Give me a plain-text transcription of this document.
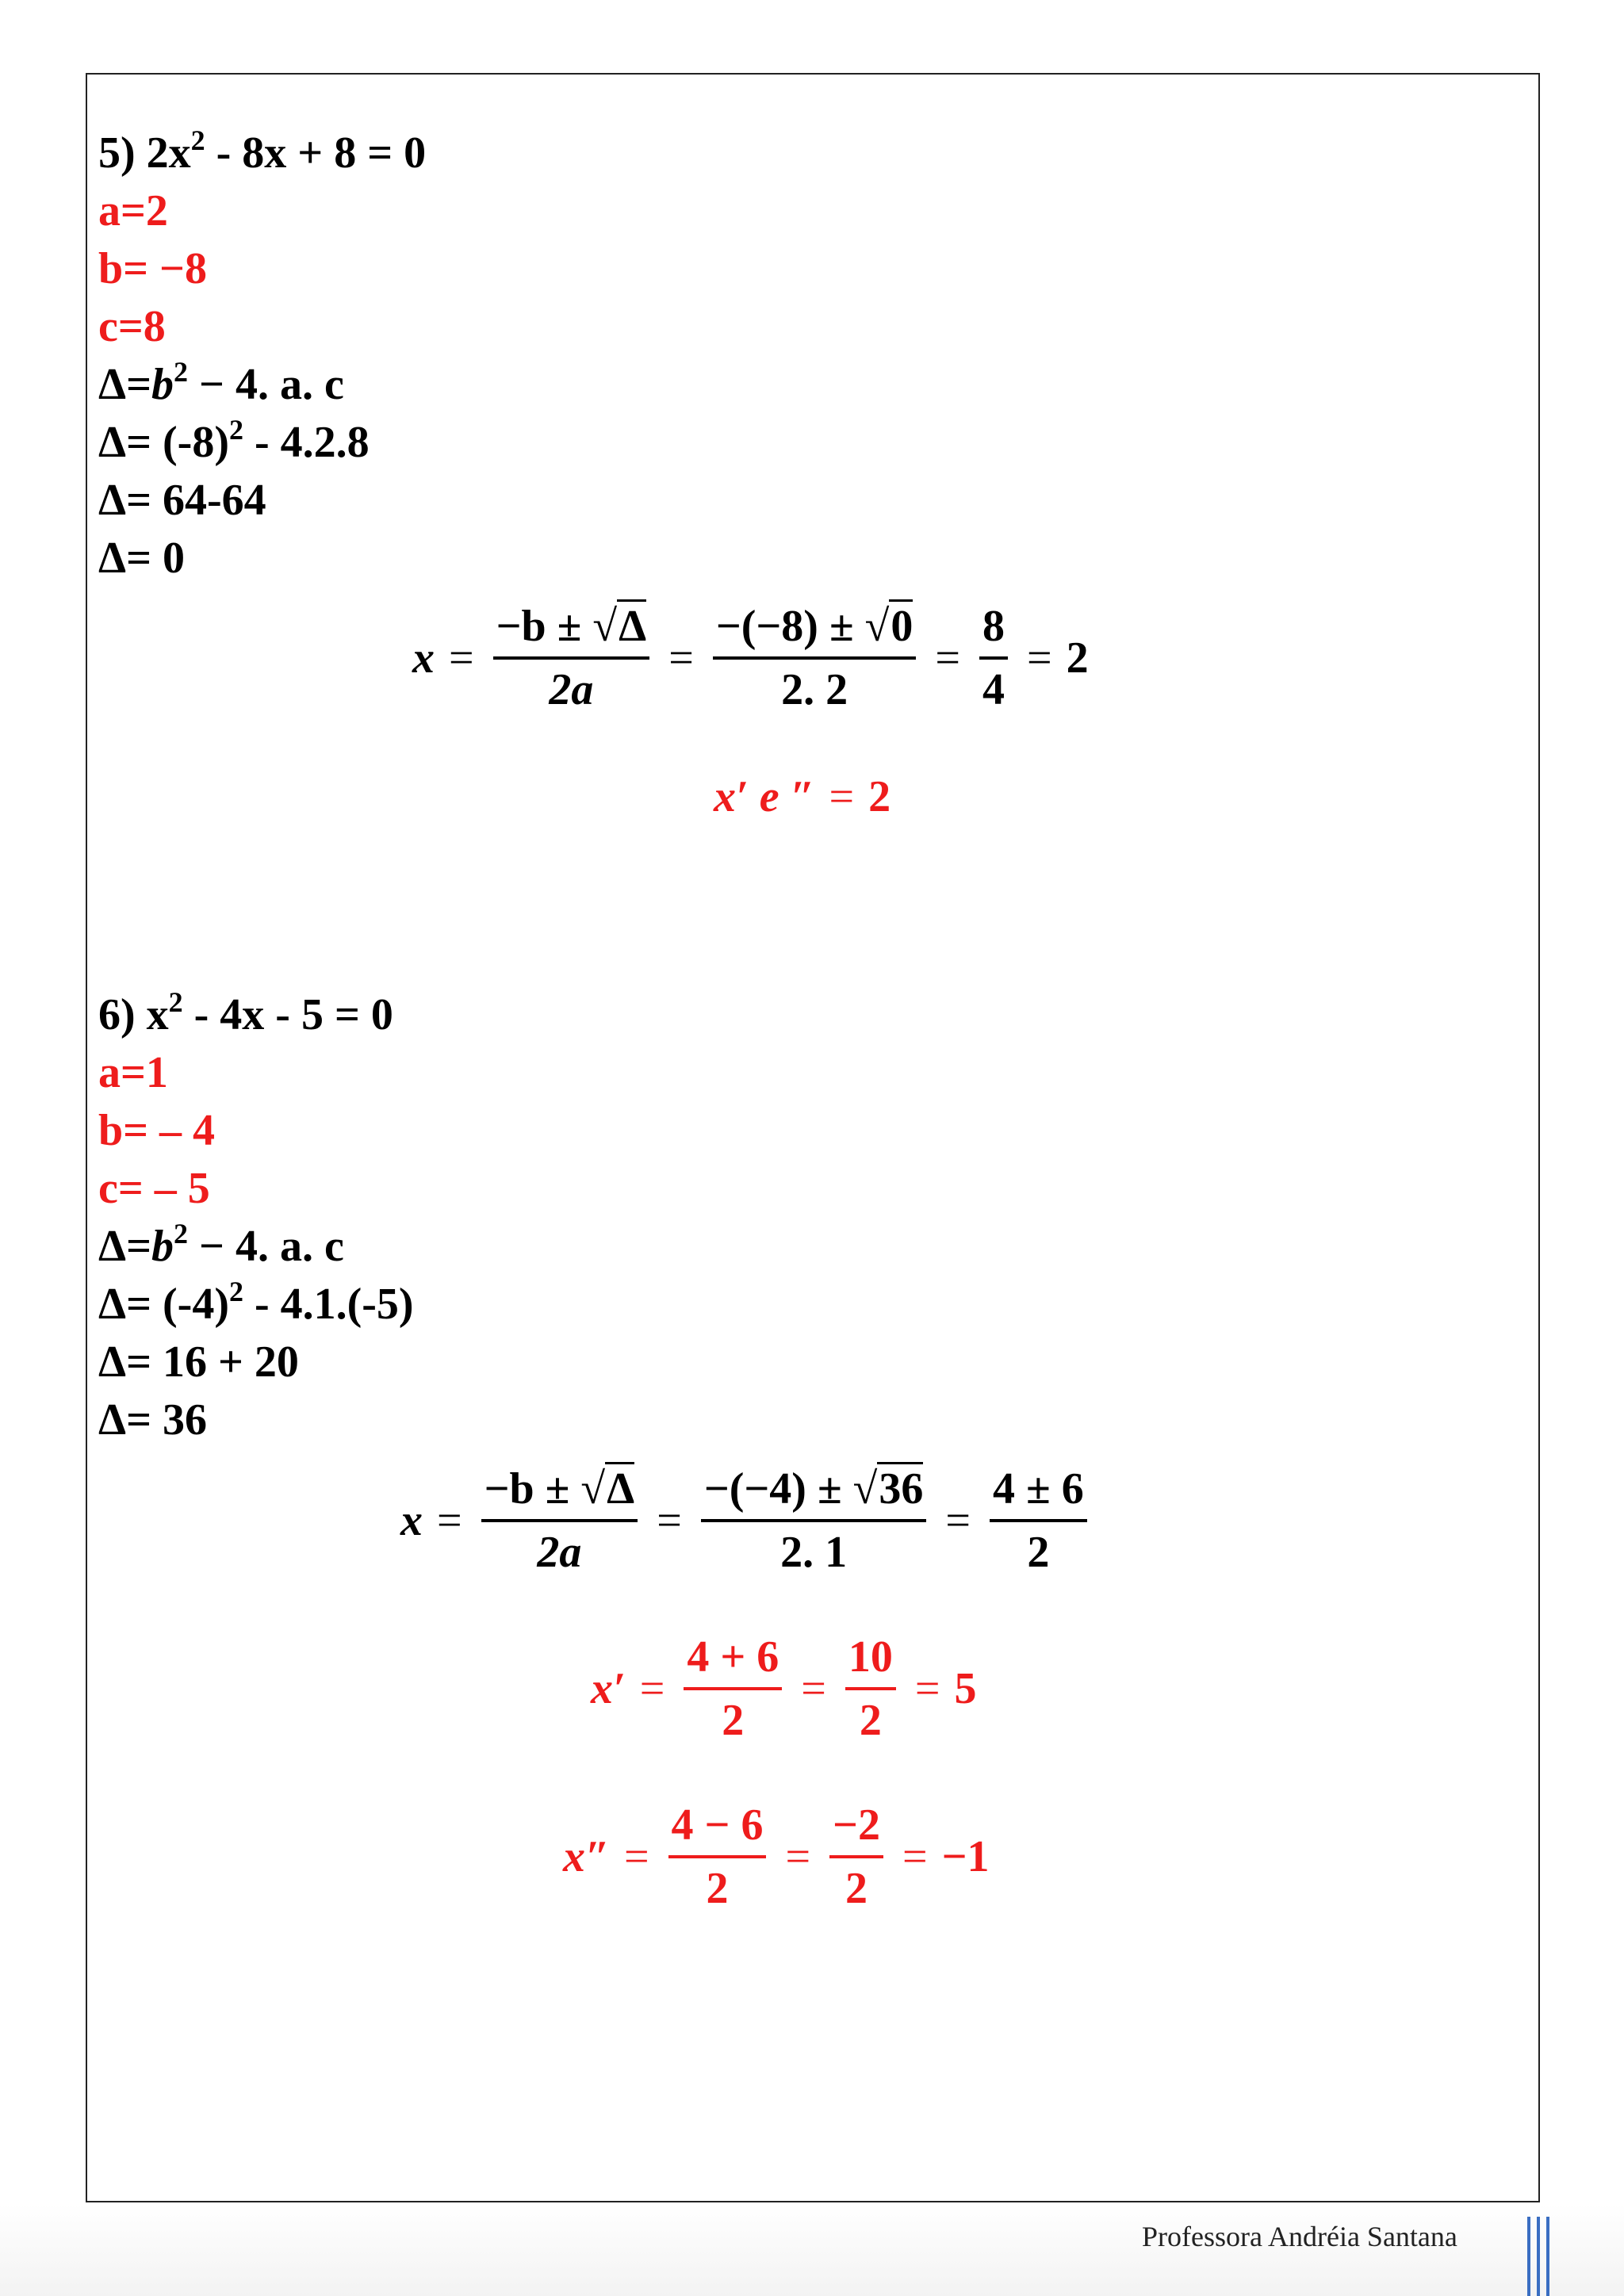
5) $2x^2 - 8x + 8 = 0$
a=2
b= −8
c=8
$\Delta=b^2 - 4$. a. c
$\Delta= (-8)^2 - 4.2.8$
Δ= 64-64
Δ= 0
$x = \frac{-b \pm √\Delta}{2a} = \frac{-(-8) \pm √0}{2. 2} = \frac{8}{4} = 2$
x′ e ″ = 2
6) $x^2 - 4x - 5 = 0$
a=1
b= – 4
c= – 5
$\Delta=b^2 - 4$. a. c
$\Delta= (-4)^2 - 4.1.(-5)$
Δ= 16 + 20
Δ= 36
$x = \frac{-b \pm √\Delta}{2a} = \frac{-(-4) \pm √36}{2. 1} = \frac{4 \pm 6}{2}$
$x' = \frac{4 + 6}{2} = \frac{10}{2} = 5$
$x'' = \frac{4 - 6}{2} = \frac{-2}{2} = -1$
Professora Andréia Santana
